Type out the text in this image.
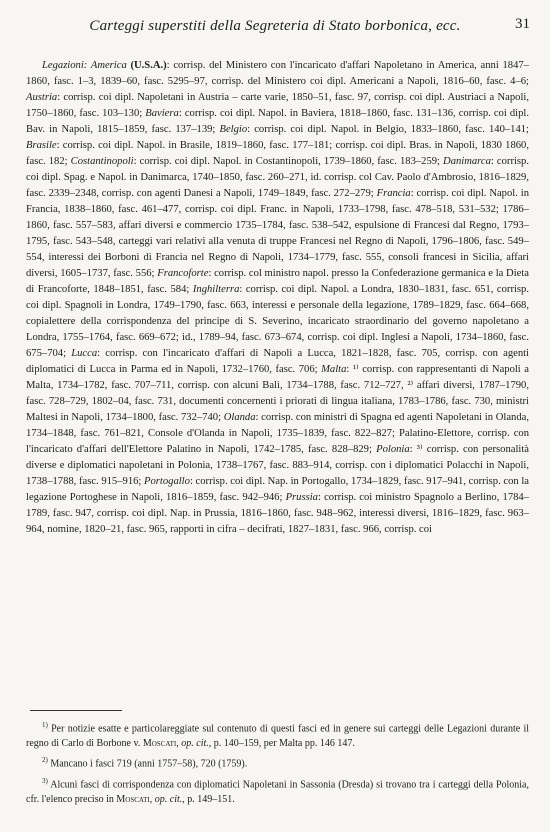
Carteggi superstiti della Segreteria di Stato borbonica, ecc.	31

Legazioni: America (U.S.A.): corrisp. del Ministero con l'incaricato d'affari Napoletano in America, anni 1847–1860, fasc. 1–3, 1839–60, fasc. 5295–97, corrisp. del Ministero coi dipl. Americani a Napoli, 1816–60, fasc. 4–6; Austria: corrisp. coi dipl. Napoletani in Austria – carte varie, 1850–51, fasc. 97, corrisp. coi dipl. Austriaci a Napoli, 1750–1860, fasc. 103–130; Baviera: corrisp. coi dipl. Napol. in Baviera, 1818–1860, fasc. 131–136, corrisp. coi dipl. Bav. in Napoli, 1815–1859, fasc. 137–139; Belgio: corrisp. coi dipl. Napol. in Belgio, 1833–1860, fasc. 140–141; Brasile: corrisp. coi dipl. Napol. in Brasile, 1819–1860, fasc. 177–181; corrisp. coi dipl. Bras. in Napoli, 1830 1860, fasc. 182; Costantinopoli: corrisp. coi dipl. Napol. in Costantinopoli, 1739–1860, fasc. 183–259; Danimarca: corrisp. coi dipl. Spag. e Napol. in Danimarca, 1740–1850, fasc. 260–271, id. corrisp. col Cav. Paolo d'Ambrosio, 1816–1829, fasc. 2339–2348, corrisp. con agenti Danesi a Napoli, 1749–1849, fasc. 272–279; Francia: corrisp. coi dipl. Napol. in Francia, 1838–1860, fasc. 461–477, corrisp. coi dipl. Franc. in Napoli, 1733–1798, fasc. 478–518, 531–532; 1786–1860, fasc. 557–583, affari diversi e commercio 1735–1784, fasc. 538–542, espulsione di Francesi dal Regno, 1793–1795, fasc. 543–548, carteggi vari relativi alla venuta di truppe Francesi nel Regno di Napoli, 1796–1806, fasc. 549–554, interessi dei Borboni di Francia nel Regno di Napoli, 1734–1779, fasc. 555, consoli francesi in Sicilia, affari diversi, 1605–1737, fasc. 556; Francoforte: corrisp. col ministro napol. presso la Confederazione germanica e la Dieta di Francoforte, 1848–1851, fasc. 584; Inghilterra: corrisp. coi dipl. Napol. a Londra, 1830–1831, fasc. 651, corrisp. coi dipl. Spagnoli in Londra, 1749–1790, fasc. 663, interessi e personale della legazione, 1789–1829, fasc. 664–668, copialettere della corrispondenza del principe di S. Severino, incaricato straordinario del governo napoletano a Londra, 1755–1764, fasc. 669–672; id., 1789–94, fasc. 673–674, corrisp. coi dipl. Inglesi a Napoli, 1734–1860, fasc. 675–704; Lucca: corrisp. con l'incaricato d'affari di Napoli a Lucca, 1821–1828, fasc. 705, corrisp. con agenti diplomatici di Lucca in Parma ed in Napoli, 1732–1760, fasc. 706; Malta: ¹⁾ corrisp. con rappresentanti di Napoli a Malta, 1734–1782, fasc. 707–711, corrisp. con alcuni Balì, 1734–1788, fasc. 712–727, ²⁾ affari diversi, 1787–1790, fasc. 728–729, 1802–04, fasc. 731, documenti concernenti i priorati di lingua italiana, 1783–1786, fasc. 730, ministri Maltesi in Napoli, 1734–1800, fasc. 732–740; Olanda: corrisp. con ministri di Spagna ed agenti Napoletani in Olanda, 1734–1848, fasc. 761–821, Console d'Olanda in Napoli, 1735–1839, fasc. 822–827; Palatino-Elettore, corrisp. con l'incaricato d'affari dell'Elettore Palatino in Napoli, 1742–1785, fasc. 828–829; Polonia: ³⁾ corrisp. con personalità diverse e diplomatici napoletani in Polonia, 1738–1767, fasc. 883–914, corrisp. con i diplomatici Polacchi in Napoli, 1738–1788, fasc. 915–916; Portogallo: corrisp. coi dipl. Nap. in Portogallo, 1734–1829, fasc. 917–941, corrisp. con la legazione Portoghese in Napoli, 1816–1859, fasc. 942–946; Prussia: corrisp. coi ministro Spagnolo a Berlino, 1784–1789, fasc. 947, corrisp. coi dipl. Nap. in Prussia, 1816–1860, fasc. 948–962, interessi diversi, 1816–1829, fasc. 963–964, nomine, 1820–21, fasc. 965, rapporti in cifra – decifrati, 1827–1831, fasc. 966, corrisp. coi

$^{1)}$ Per notizie esatte e particolareggiate sul contenuto di questi fasci ed in genere sui carteggi delle Legazioni durante il regno di Carlo di Borbone v. Moscati, op. cit., p. 140–159, per Malta pp. 146 147.

$^{2)}$ Mancano i fasci 719 (anni 1757–58), 720 (1759).

$^{3)}$ Alcuni fasci di corrispondenza con diplomatici Napoletani in Sassonia (Dresda) si trovano tra i carteggi della Polonia, cfr. l'elenco preciso in Moscati, op. cit., p. 149–151.
